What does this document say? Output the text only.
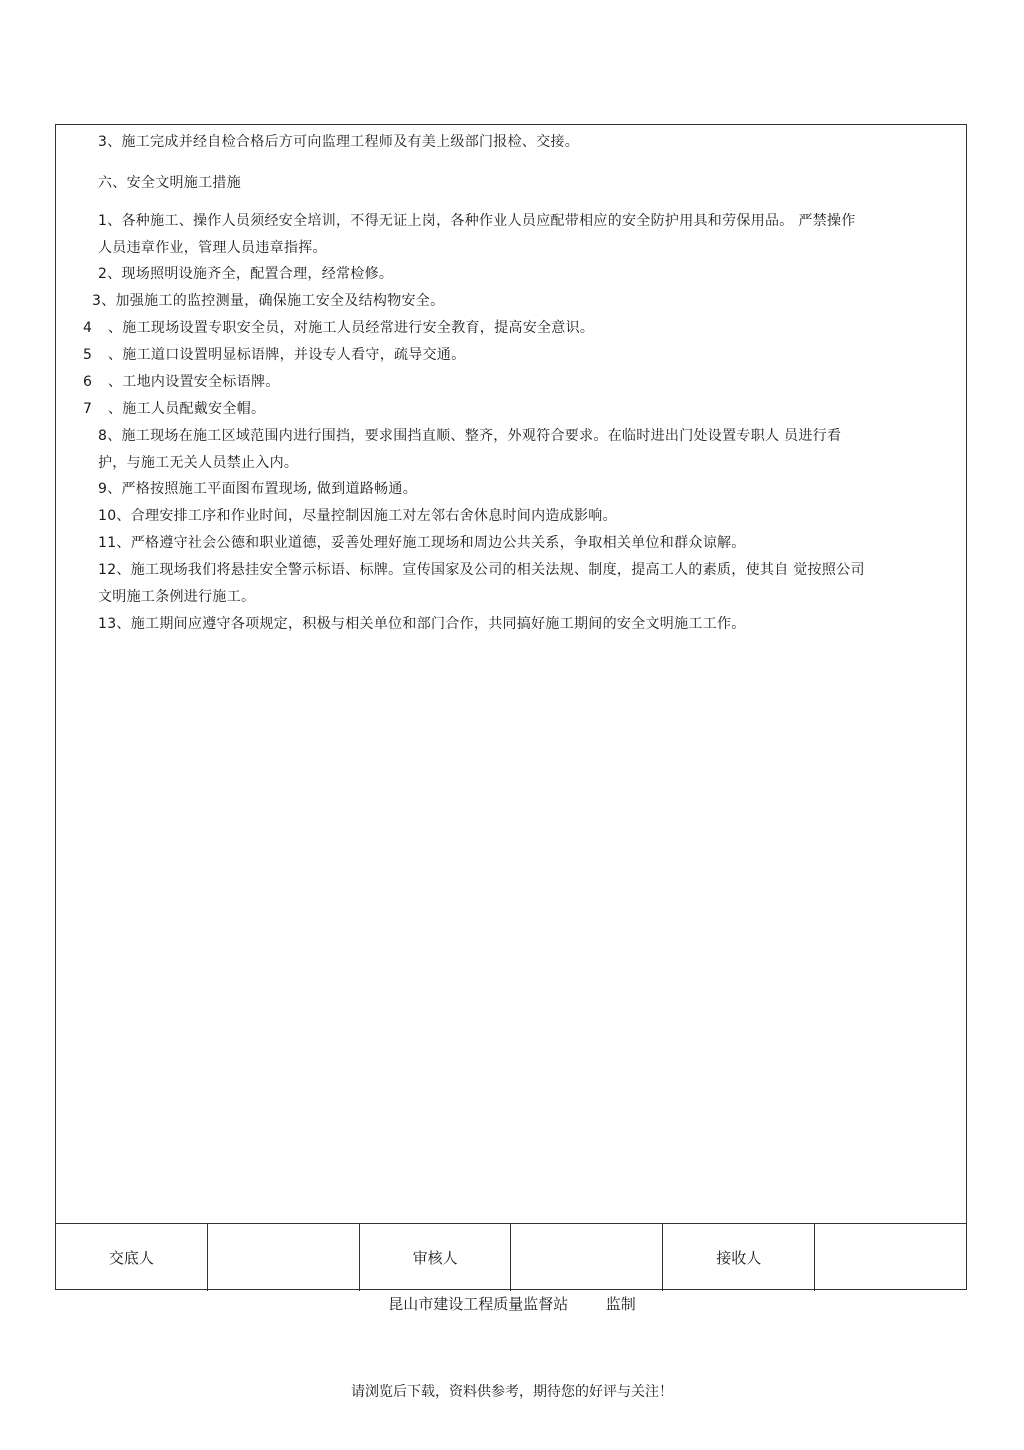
3、施工完成并经自检合格后方可向监理工程师及有美上级部门报检、交接。
六、安全文明施工措施
1、各种施工、操作人员须经安全培训，不得无证上岗，各种作业人员应配带相应的安全防护用具和劳保用品。 严禁操作
人员违章作业，管理人员违章指挥。
2、现场照明设施齐全，配置合理，经常检修。
3、加强施工的监控测量，确保施工安全及结构物安全。
4 、施工现场设置专职安全员，对施工人员经常进行安全教育，提高安全意识。
5 、施工道口设置明显标语牌，并设专人看守，疏导交通。
6 、工地内设置安全标语牌。
7 、施工人员配戴安全帽。
8、施工现场在施工区域范围内进行围挡，要求围挡直顺、整齐，外观符合要求。在临时进出门处设置专职人 员进行看
护，与施工无关人员禁止入内。
9、严格按照施工平面图布置现场, 做到道路畅通。
10、合理安排工序和作业时间，尽量控制因施工对左邻右舍休息时间内造成影响。
11、严格遵守社会公德和职业道德，妥善处理好施工现场和周边公共关系，争取相关单位和群众谅解。
12、施工现场我们将悬挂安全警示标语、标牌。宣传国家及公司的相关法规、制度，提高工人的素质，使其自 觉按照公司
文明施工条例进行施工。
13、施工期间应遵守各项规定，积极与相关单位和部门合作，共同搞好施工期间的安全文明施工工作。
交底人	审核人	接收人
昆山市建设工程质量监督站	监制
请浏览后下载，资料供参考，期待您的好评与关注！
